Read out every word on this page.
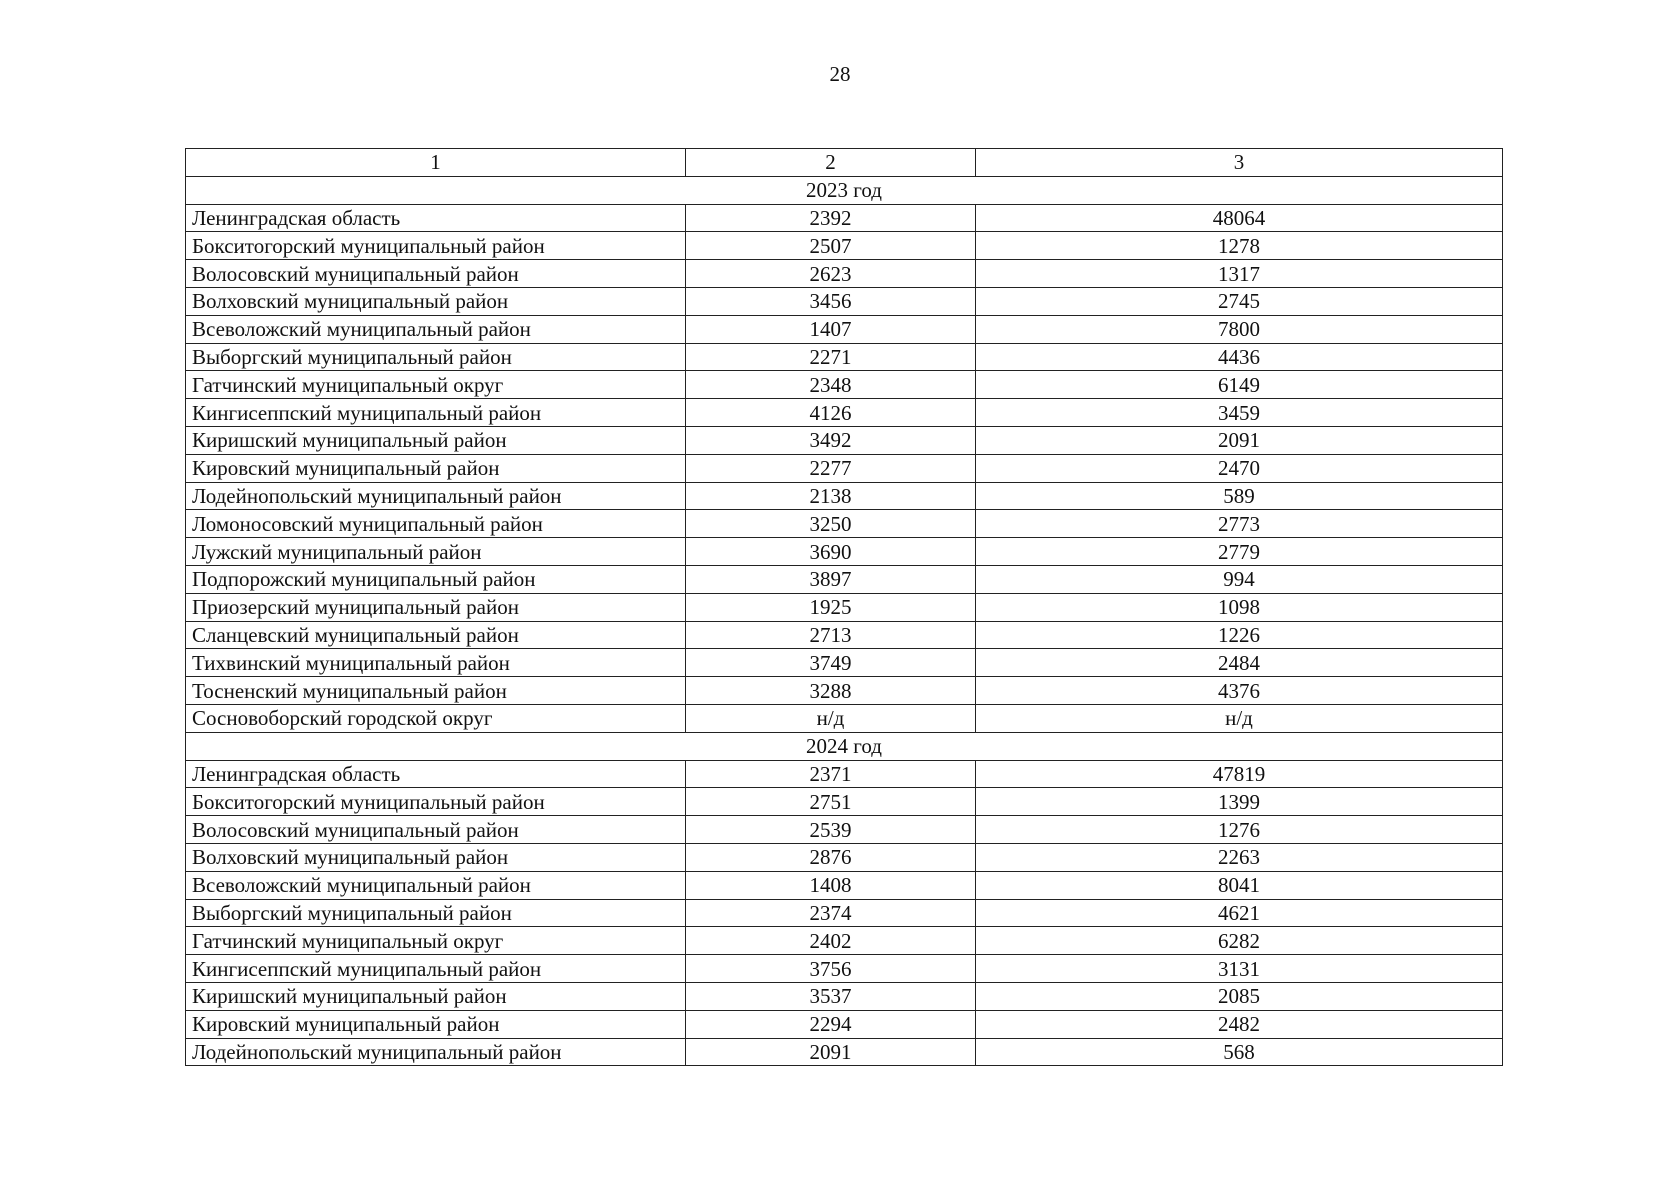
28
1	2	3
2023 год		
Ленинградская область	2392	48064
Бокситогорский муниципальный район	2507	1278
Волосовский муниципальный район	2623	1317
Волховский муниципальный район	3456	2745
Всеволожский муниципальный район	1407	7800
Выборгский муниципальный район	2271	4436
Гатчинский муниципальный округ	2348	6149
Кингисеппский муниципальный район	4126	3459
Киришский муниципальный район	3492	2091
Кировский муниципальный район	2277	2470
Лодейнопольский муниципальный район	2138	589
Ломоносовский муниципальный район	3250	2773
Лужский муниципальный район	3690	2779
Подпорожский муниципальный район	3897	994
Приозерский муниципальный район	1925	1098
Сланцевский муниципальный район	2713	1226
Тихвинский муниципальный район	3749	2484
Тосненский муниципальный район	3288	4376
Сосновоборский городской округ	н/д	н/д
2024 год		
Ленинградская область	2371	47819
Бокситогорский муниципальный район	2751	1399
Волосовский муниципальный район	2539	1276
Волховский муниципальный район	2876	2263
Всеволожский муниципальный район	1408	8041
Выборгский муниципальный район	2374	4621
Гатчинский муниципальный округ	2402	6282
Кингисеппский муниципальный район	3756	3131
Киришский муниципальный район	3537	2085
Кировский муниципальный район	2294	2482
Лодейнопольский муниципальный район	2091	568
